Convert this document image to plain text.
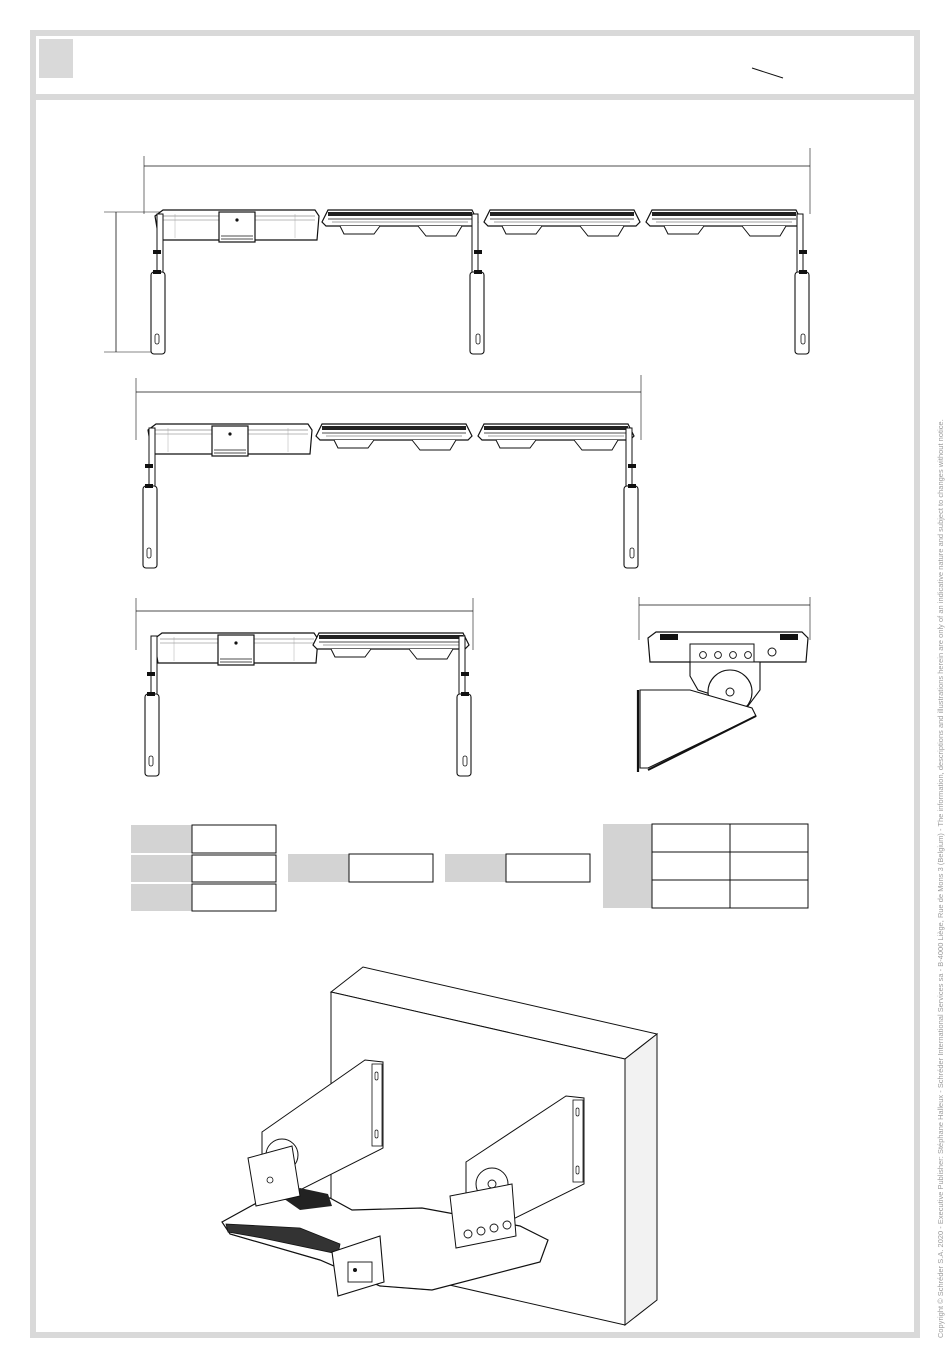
Copyright © Schréder S.A. 2020 - Executive Publisher: Stéphane Halleux - Schréder International Services sa - B-4000 Liège, Rue de Mons 3 (Belgium) - The information, descriptions and illustrations herein are only of an indicative nature and subject to changes without notice.
